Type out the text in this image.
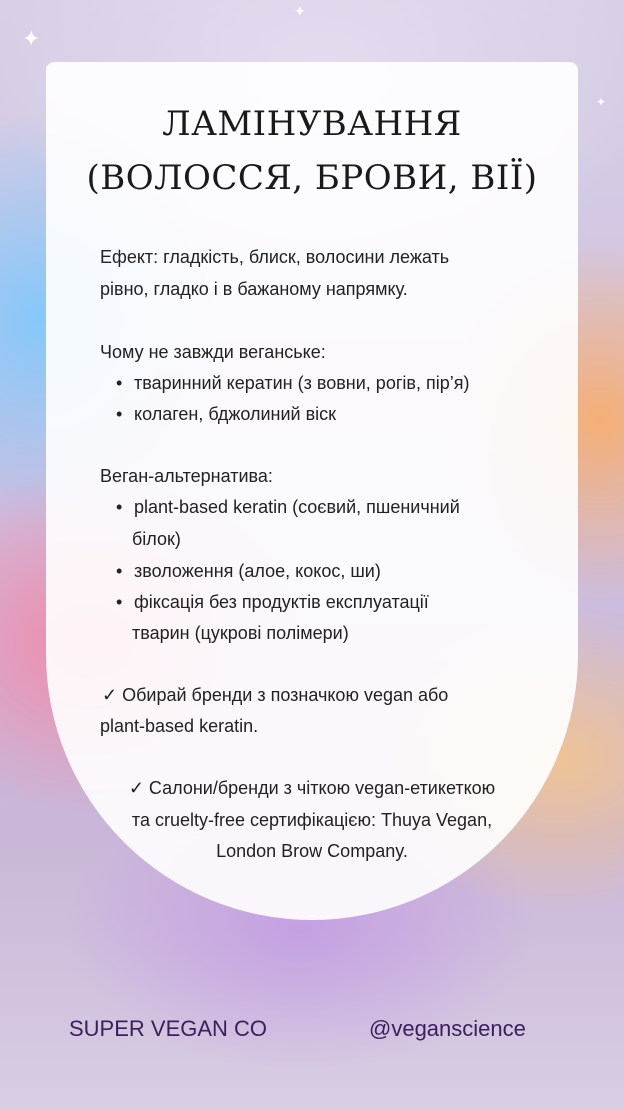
✦
✦
✦
ЛАМІНУВАННЯ
(ВОЛОССЯ, БРОВИ, ВІЇ)

Ефект: гладкість, блиск, волосини лежать

рівно, гладко і в бажаному напрямку.

Чому не завжди веганське:

• тваринний кератин (з вовни, рогів, пір’я)

• колаген, бджолиний віск

Веган-альтернатива:

• plant-based keratin (соєвий, пшеничний

білок)

• зволоження (алое, кокос, ши)

• фіксація без продуктів експлуатації

тварин (цукрові полімери)

✓ Обирай бренди з позначкою vegan або

plant-based keratin.

✓ Салони/бренди з чіткою vegan-етикеткою

та cruelty-free сертифікацією: Thuya Vegan,

London Brow Company.

SUPER VEGAN CO	@veganscience
